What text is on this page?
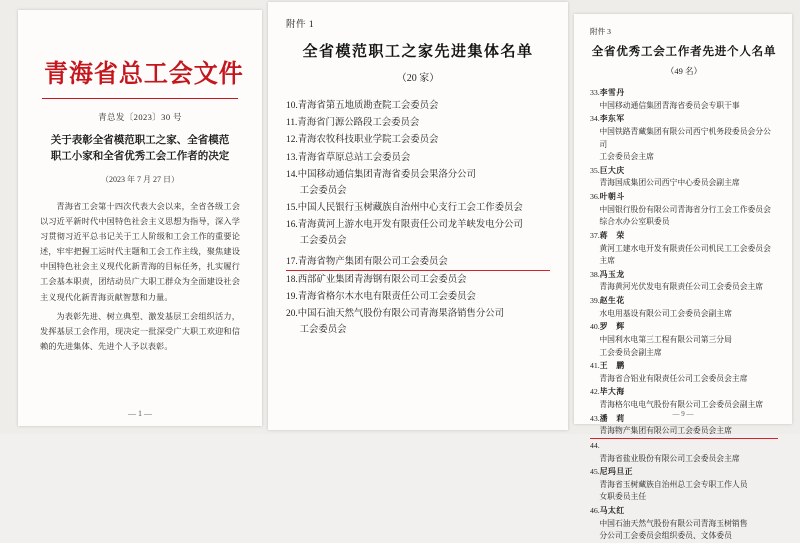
青海省总工会文件
青总发〔2023〕30 号
关于表彰全省模范职工之家、全省模范职工小家和全省优秀工会工作者的决定
（2023 年 7 月 27 日）

青海省工会第十四次代表大会以来，全省各级工会以习近平新时代中国特色社会主义思想为指导，深入学习贯彻习近平总书记关于工人阶级和工会工作的重要论述，牢牢把握工运时代主题和工会工作主线，聚焦建设中国特色社会主义现代化新青海的目标任务，扎实履行工会基本职责，团结动员广大职工群众为全面建设社会主义现代化新青海贡献智慧和力量。

为表彰先进、树立典型、激发基层工会组织活力，发挥基层工会作用，现决定一批深受广大职工欢迎和信赖的先进集体、先进个人予以表彰。

— 1 —
附件 1
全省模范职工之家先进集体名单
（20 家）
10.青海省第五地质勘查院工会委员会
11.青海省门源公路段工会委员会
12.青海农牧科技职业学院工会委员会
13.青海省草原总站工会委员会
14.中国移动通信集团青海省委员会果洛分公司
工会委员会
15.中国人民银行玉树藏族自治州中心支行工会工作委员会
16.青海黄河上游水电开发有限责任公司龙羊峡发电分公司
工会委员会
17.青海省物产集团有限公司工会委员会
18.西部矿业集团青海钢有限公司工会委员会
19.青海省格尔木水电有限责任公司工会委员会
20.中国石油天然气股份有限公司青海果洛销售分公司
工会委员会
附件 3
全省优秀工会工作者先进个人名单
（49 名）
33.李雪丹
中国移动通信集团青海省委员会专职干事
34.李东军
中国铁路青藏集团有限公司西宁机务段委员会分公司
工会委员会主席
35.巨大庆
青海国成集团公司西宁中心委员会副主席
36.叶朝斗
中国银行股份有限公司青海省分行工会工作委员会
综合水办公室职委员
37.蒋　荣
黄河工建水电开发有限责任公司机民工工会委员会主席
38.冯玉龙
青海黄河光伏发电有限责任公司工会委员会主席
39.赵生花
水电用基设有限公司工会委员会副主席
40.罗　辉
中国利水电第三工程有限公司第三分局
工会委员会副主席
41.王　鹏
青海省合铝业有限责任公司工会委员会主席
42.毕大海
青海格尔电电气股份有限公司工会委员会副主席
43.潘　莉
青海物产集团有限公司工会委员会主席
44.　　　
青海省盐业股份有限公司工会委员会主席
45.尼玛旦正
青海省玉树藏族自治州总工会专职工作人员
女职委员主任
46.马太红
中国石油天然气股份有限公司青海玉树销售
分公司工会委员会组织委员、文体委员
— 9 —
